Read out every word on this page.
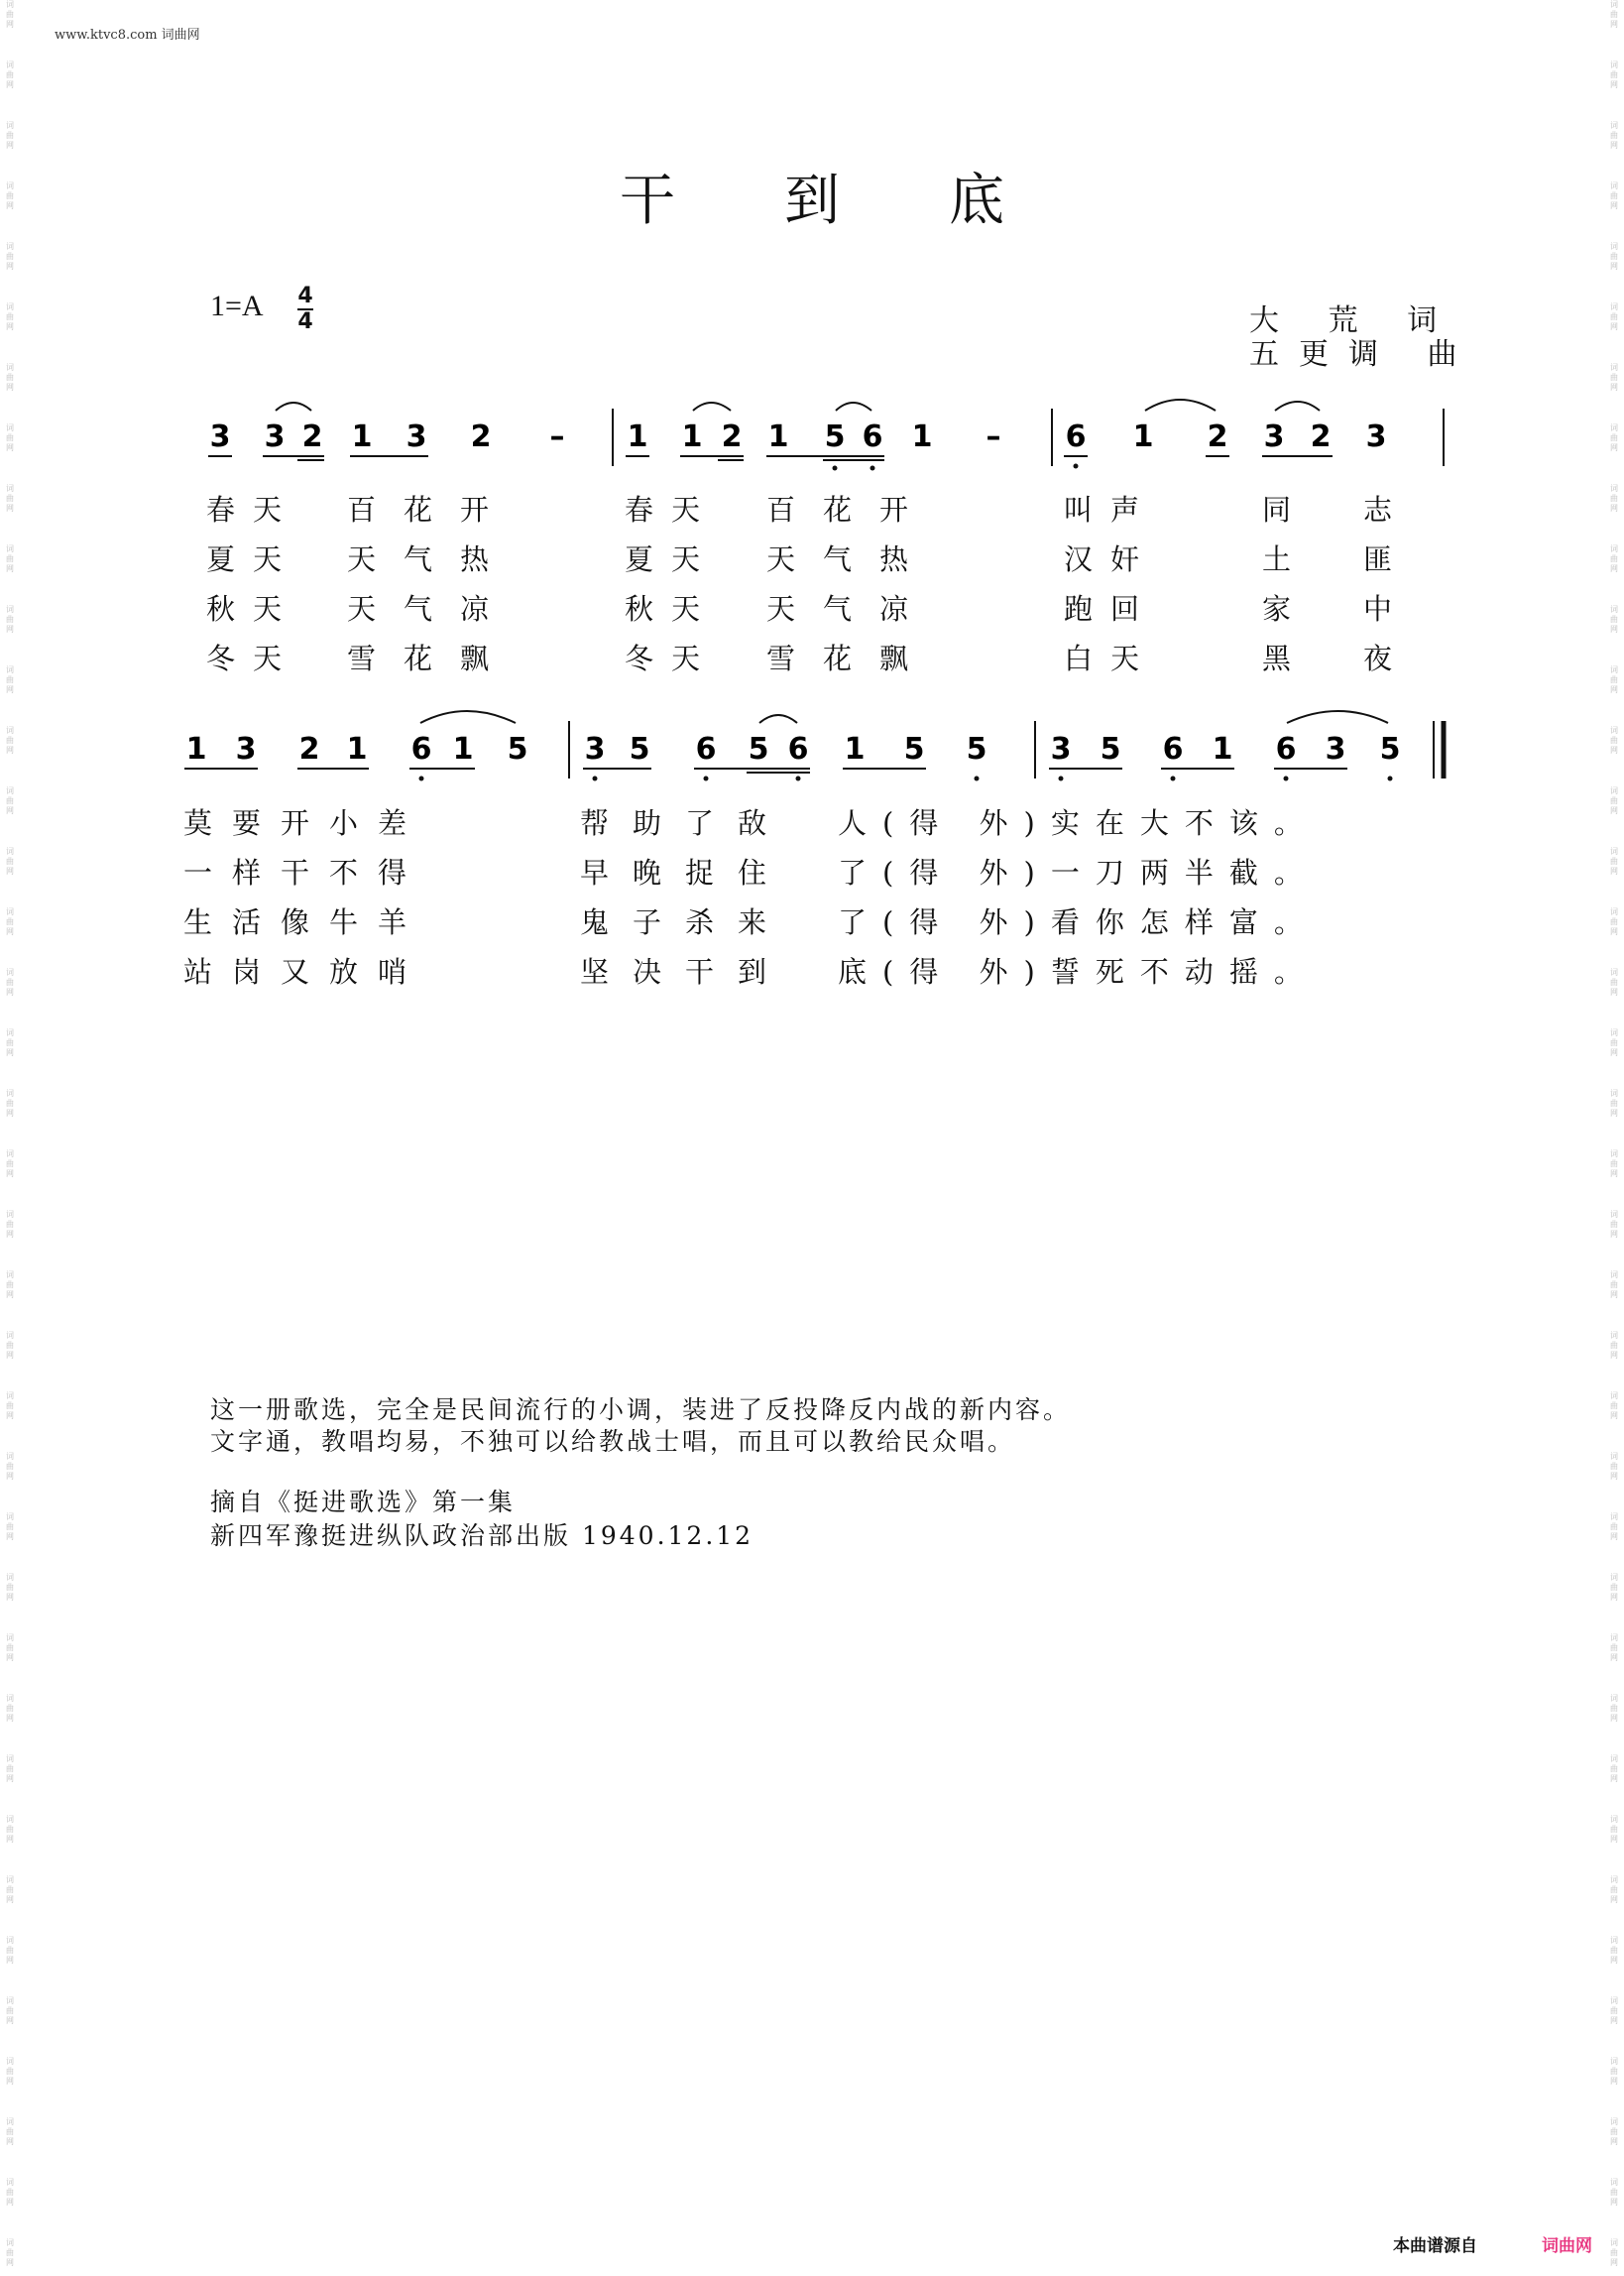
词
曲
网
词
曲
网
词
曲
网
词
曲
网
词
曲
网
词
曲
网
词
曲
网
词
曲
网
词
曲
网
词
曲
网
词
曲
网
词
曲
网
词
曲
网
词
曲
网
词
曲
网
词
曲
网
词
曲
网
词
曲
网
词
曲
网
词
曲
网
词
曲
网
词
曲
网
词
曲
网
词
曲
网
词
曲
网
词
曲
网
词
曲
网
词
曲
网
词
曲
网
词
曲
网
词
曲
网
词
曲
网
词
曲
网
词
曲
网
词
曲
网
词
曲
网
词
曲
网
词
曲
网
词
曲
网
词
曲
网
词
曲
网
词
曲
网
词
曲
网
词
曲
网
词
曲
网
词
曲
网
词
曲
网
词
曲
网
词
曲
网
词
曲
网
词
曲
网
词
曲
网
词
曲
网
词
曲
网
词
曲
网
词
曲
网
词
曲
网
词
曲
网
词
曲
网
词
曲
网
词
曲
网
词
曲
网
词
曲
网
词
曲
网
词
曲
网
词
曲
网
词
曲
网
词
曲
网
词
曲
网
词
曲
网
词
曲
网
词
曲
网
词
曲
网
词
曲
网
词
曲
网
词
曲
网
www.ktvc8.com 词曲网
干到底
1=A 4
4	大 荒 词
五更调 曲
3 3 2 1 3 2 – 1 1 2 1 5 6 1 – 6 1 2 3 2 3
春天 百花开	春天 百花开	叫声	同	志
夏天 天气热	夏天 天气热	汉奸	土	匪
秋天 天气凉	秋天 天气凉	跑回	家	中
冬天 雪花飘	冬天 雪花飘	白天	黑	夜
1 3 2 1 6 1 5 3 5 6 5 6 1 5 5 3 5 6 1 6 3 5
莫要开小差	帮助了敌 人(得 外)实在大不该。
一样干不得	早晚捉住 了(得 外)一刀两半截。
生活像牛羊	鬼子杀来 了(得 外)看你怎样富。
站岗又放哨	坚决干到 底(得 外)誓死不动摇。
这一册歌选，完全是民间流行的小调，装进了反投降反内战的新内容。
文字通，教唱均易，不独可以给教战士唱，而且可以教给民众唱。
摘自《挺进歌选》第一集
新四军豫挺进纵队政治部出版 1940.12.12
本曲谱源自	词曲网
